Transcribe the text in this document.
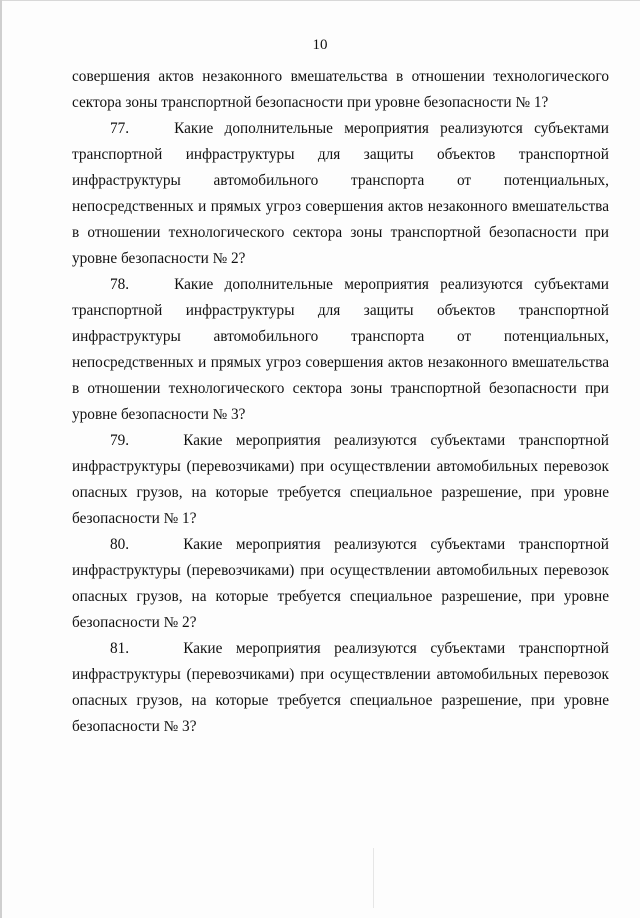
10

совершения актов незаконного вмешательства в отношении технологического сектора зоны транспортной безопасности при уровне безопасности № 1?

77.	Какие дополнительные мероприятия реализуются субъектами транспортной инфраструктуры для защиты объектов транспортной инфраструктуры автомобильного транспорта от потенциальных, непосредственных и прямых угроз совершения актов незаконного вмешательства в отношении технологического сектора зоны транспортной безопасности при уровне безопасности № 2?

78.	Какие дополнительные мероприятия реализуются субъектами транспортной инфраструктуры для защиты объектов транспортной инфраструктуры автомобильного транспорта от потенциальных, непосредственных и прямых угроз совершения актов незаконного вмешательства в отношении технологического сектора зоны транспортной безопасности при уровне безопасности № 3?

79.	Какие мероприятия реализуются субъектами транспортной инфраструктуры (перевозчиками) при осуществлении автомобильных перевозок опасных грузов, на которые требуется специальное разрешение, при уровне безопасности № 1?

80.	Какие мероприятия реализуются субъектами транспортной инфраструктуры (перевозчиками) при осуществлении автомобильных перевозок опасных грузов, на которые требуется специальное разрешение, при уровне безопасности № 2?

81.	Какие мероприятия реализуются субъектами транспортной инфраструктуры (перевозчиками) при осуществлении автомобильных перевозок опасных грузов, на которые требуется специальное разрешение, при уровне безопасности № 3?
